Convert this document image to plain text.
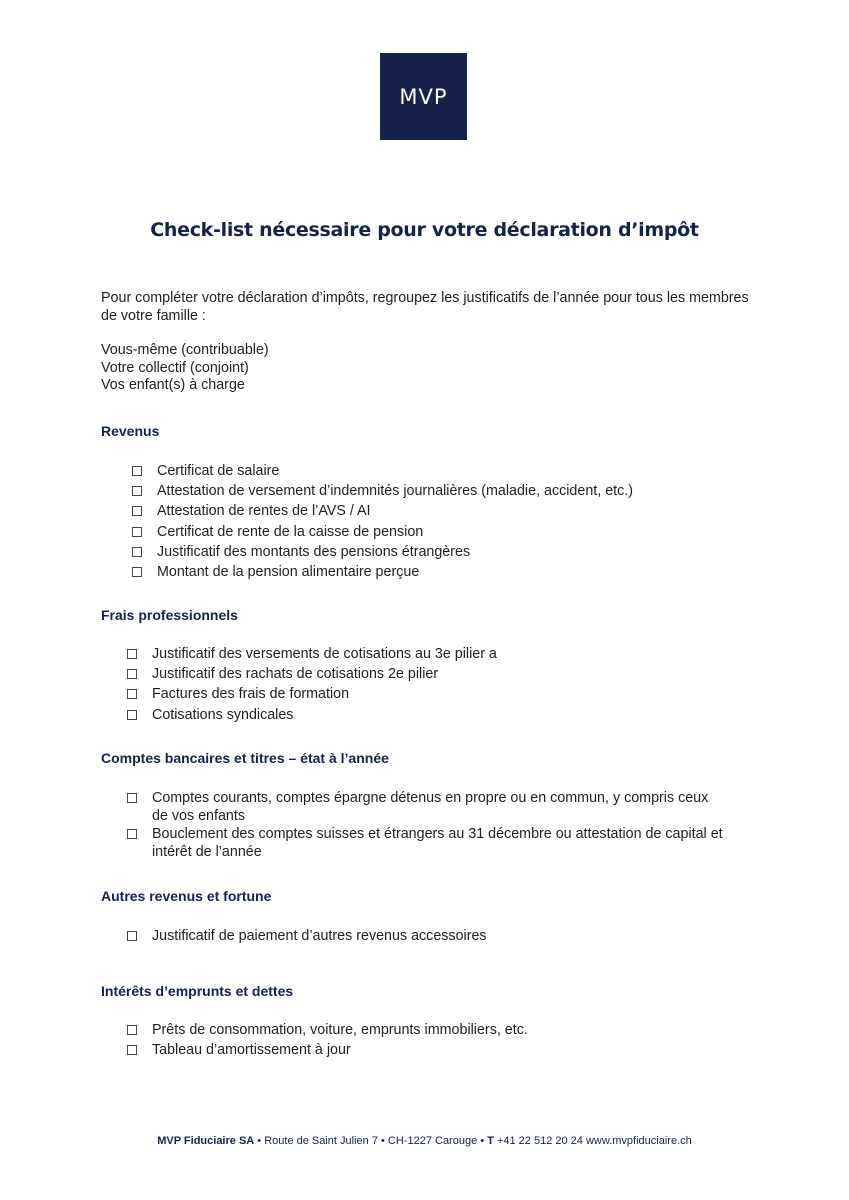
MVP
Check-list nécessaire pour votre déclaration d’impôt
Pour compléter votre déclaration d’impôts, regroupez les justificatifs de l’année pour tous les membres de votre famille :
Vous-même (contribuable)
Votre collectif (conjoint)
Vos enfant(s) à charge
Revenus
Certificat de salaire
Attestation de versement d’indemnités journalières (maladie, accident, etc.)
Attestation de rentes de l’AVS / AI
Certificat de rente de la caisse de pension
Justificatif des montants des pensions étrangères
Montant de la pension alimentaire perçue
Frais professionnels
Justificatif des versements de cotisations au 3e pilier a
Justificatif des rachats de cotisations 2e pilier
Factures des frais de formation
Cotisations syndicales
Comptes bancaires et titres – état à l’année
Comptes courants, comptes épargne détenus en propre ou en commun, y compris ceux de vos enfants
Bouclement des comptes suisses et étrangers au 31 décembre ou attestation de capital et intérêt de l’année
Autres revenus et fortune
Justificatif de paiement d’autres revenus accessoires
Intérêts d’emprunts et dettes
Prêts de consommation, voiture, emprunts immobiliers, etc.
Tableau d’amortissement à jour
MVP Fiduciaire SA • Route de Saint Julien 7 • CH-1227 Carouge • T +41 22 512 20 24 www.mvpfiduciaire.ch
